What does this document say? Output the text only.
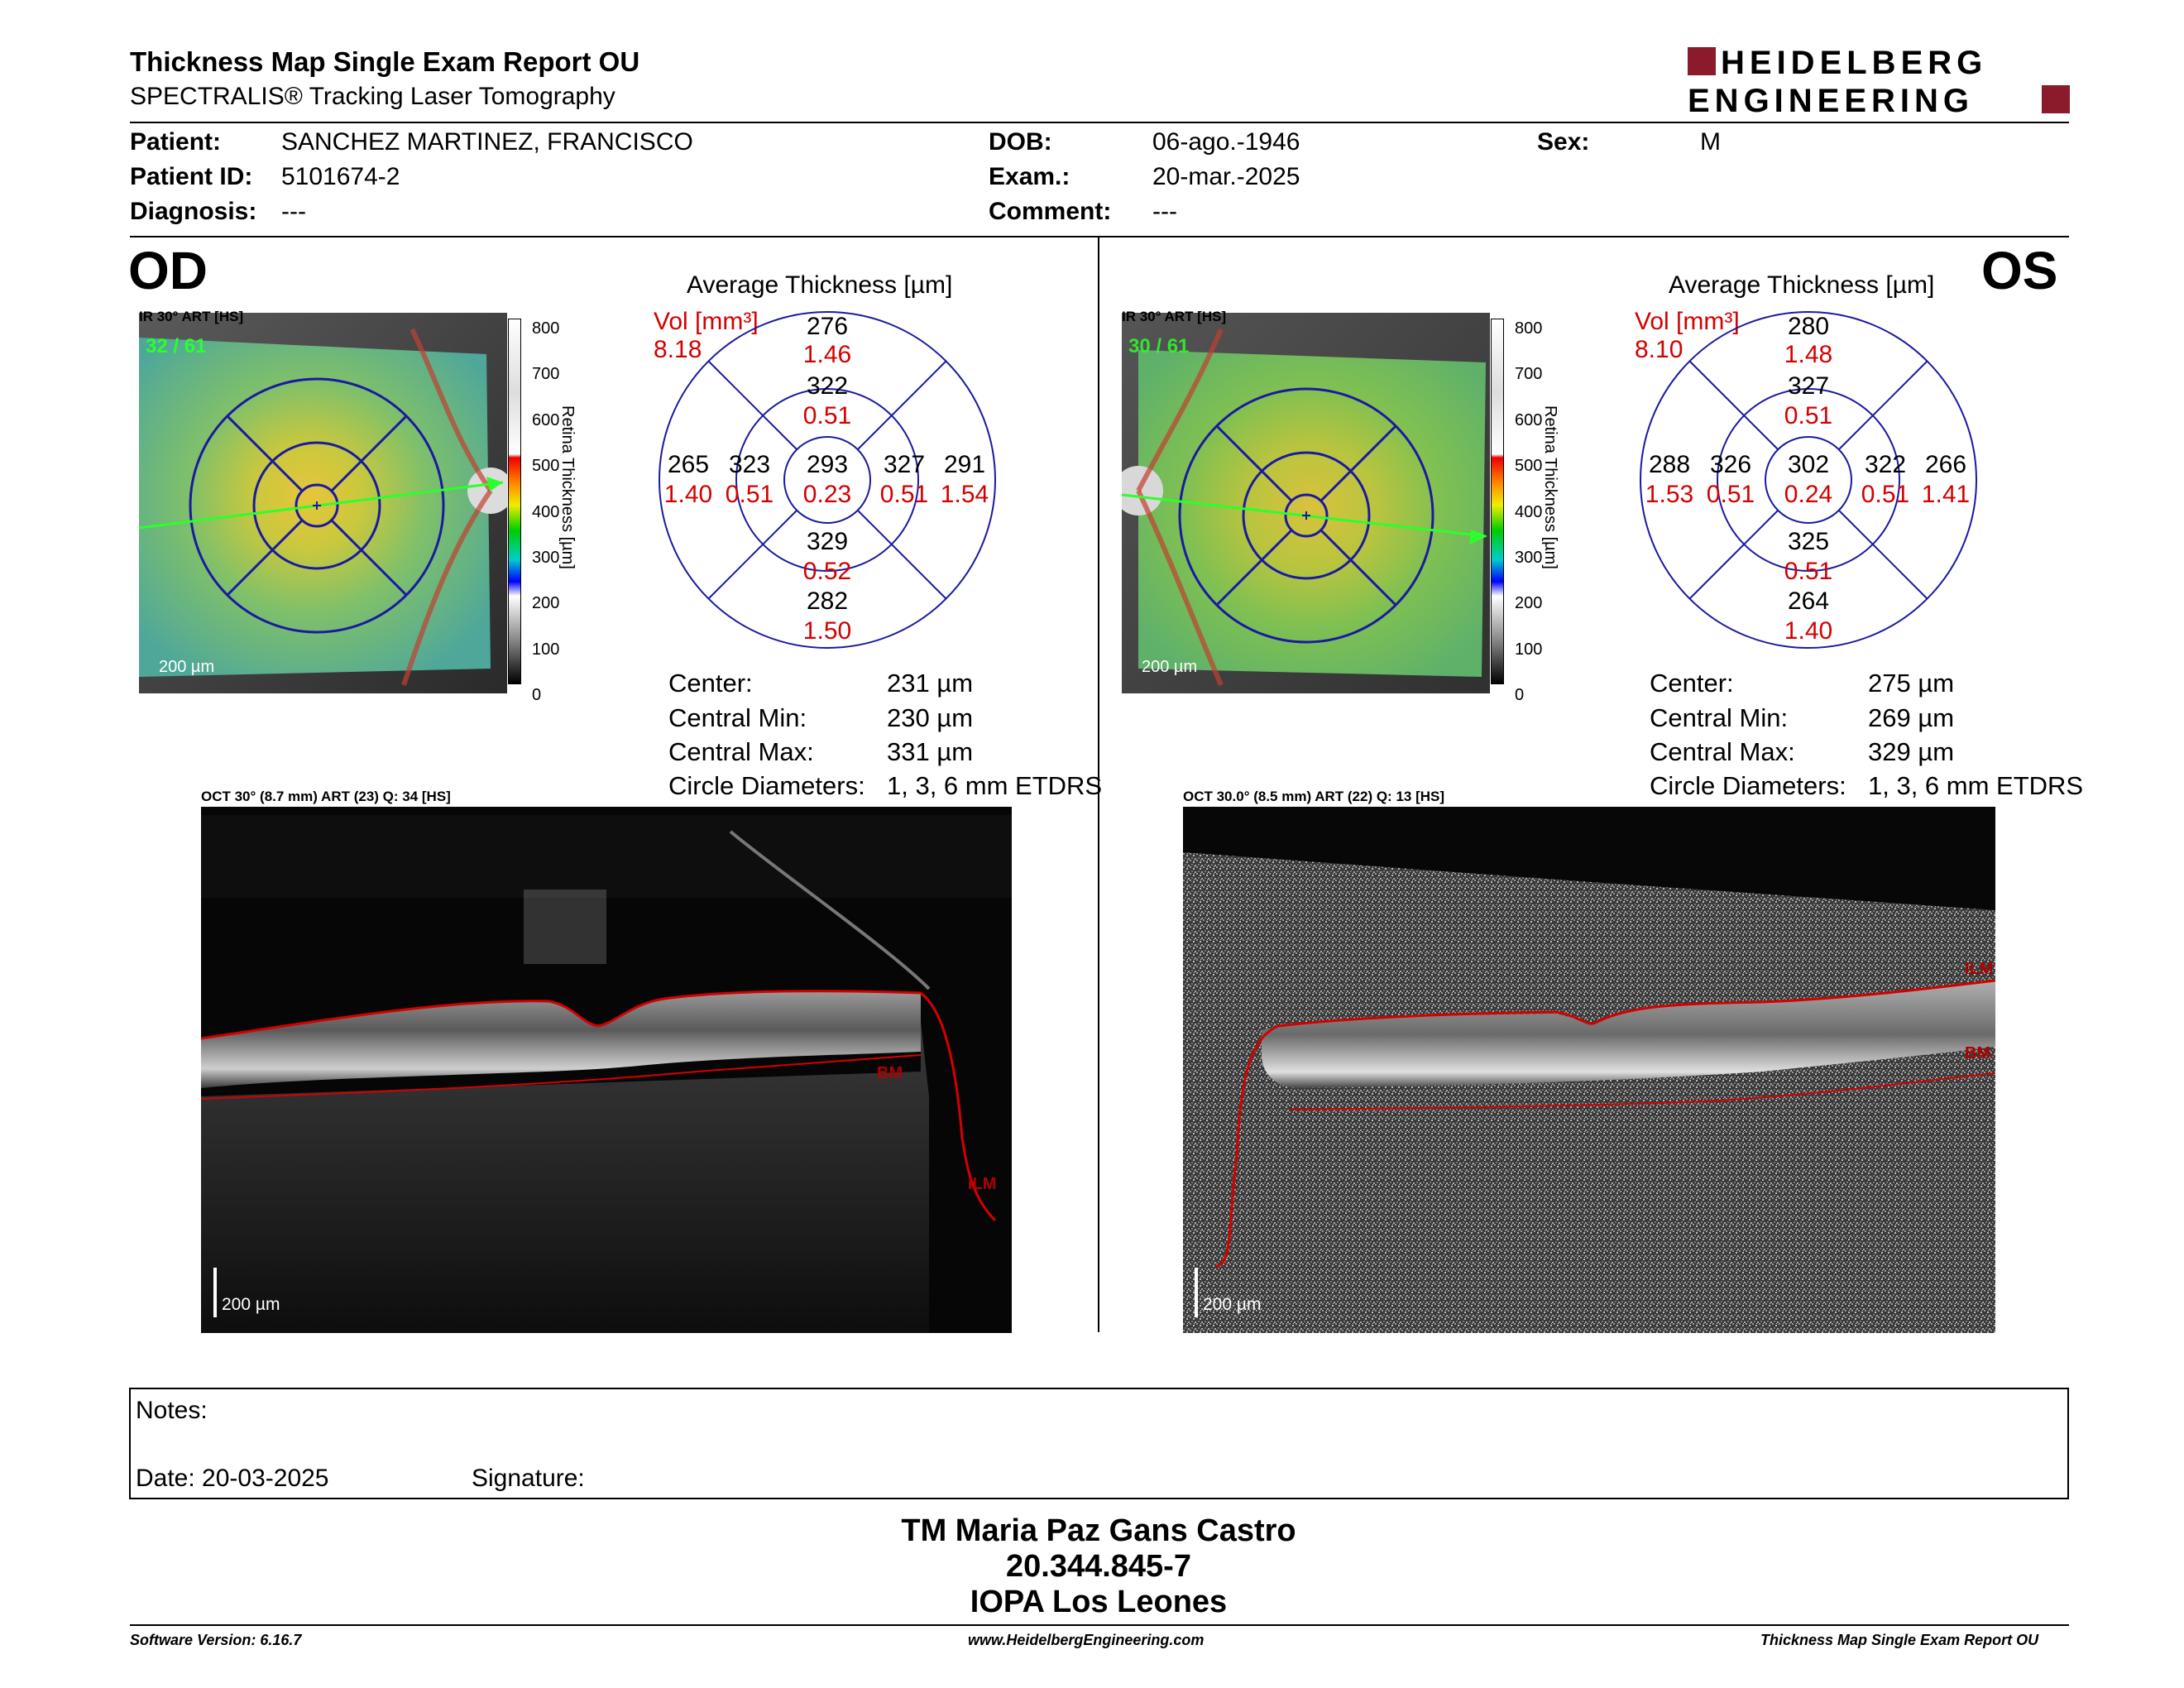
Thickness Map Single Exam Report OU
SPECTRALIS® Tracking Laser Tomography
HEIDELBERG
ENGINEERING
Patient: SANCHEZ MARTINEZ, FRANCISCO
Patient ID: 5101674-2
Diagnosis: ---
DOB:	06-ago.-1946
Exam.:	20-mar.-2025
Comment: ---
Sex:	M
OD
IR 30° ART [HS]
32 / 61
200 µm
800
700
600
500
400
300
200
100
0
Retina Thickness [µm]
Average Thickness [µm]
Vol [mm³]
8.18
276
1.46
322
0.51
265
1.40
323
0.51
293
0.23
327
0.51
291
1.54
329
0.52
282
1.50
Center:	231 µm
Central Min:	230 µm
Central Max:	331 µm
Circle Diameters: 1, 3, 6 mm ETDRS
OCT 30° (8.7 mm) ART (23) Q: 34 [HS]
BM
ILM
200 µm
OS
IR 30° ART [HS]
30 / 61
200 µm
800
700
600
500
400
300
200
100
0
Retina Thickness [µm]
Average Thickness [µm]
Vol [mm³]
8.10
280
1.48
327
0.51
288
1.53
326
0.51
302
0.24
322
0.51
266
1.41
325
0.51
264
1.40
Center:	275 µm
Central Min:	269 µm
Central Max:	329 µm
Circle Diameters: 1, 3, 6 mm ETDRS
OCT 30.0° (8.5 mm) ART (22) Q: 13 [HS]
ILM
BM
200 µm
Notes:
Date: 20-03-2025	Signature:
TM Maria Paz Gans Castro
20.344.845-7
IOPA Los Leones
Software Version: 6.16.7	www.HeidelbergEngineering.com	Thickness Map Single Exam Report OU
